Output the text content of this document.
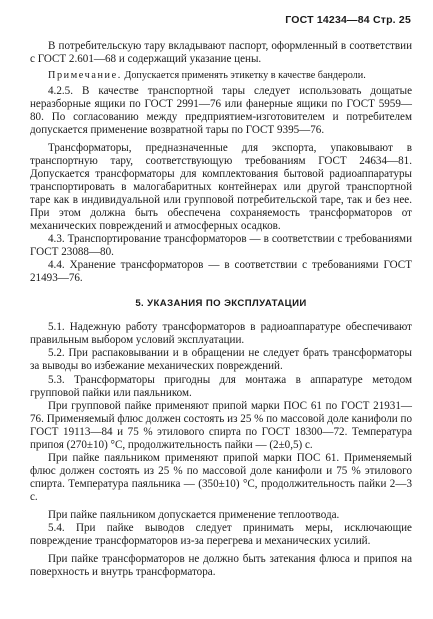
ГОСТ 14234—84 Стр. 25

В потребительскую тару вкладывают паспорт, оформленный в соответствии с ГОСТ 2.601—68 и содержащий указание цены.

Примечание. Допускается применять этикетку в качестве бандероли.

4.2.5. В качестве транспортной тары следует использовать дощатые неразборные ящики по ГОСТ 2991—76 или фанерные ящики по ГОСТ 5959—80. По согласованию между предприятием-изготовителем и потребителем допускается применение возвратной тары по ГОСТ 9395—76.

Трансформаторы, предназначенные для экспорта, упаковывают в транспортную тару, соответствующую требованиям ГОСТ 24634—81. Допускается трансформаторы для комплектования бытовой радиоаппаратуры транспортировать в малогабаритных контейнерах или другой транспортной таре как в индивидуальной или групповой потребительской таре, так и без нее. При этом должна быть обеспечена сохраняемость трансформаторов от механических повреждений и атмосферных осадков.

4.3. Транспортирование трансформаторов — в соответствии с требованиями ГОСТ 23088—80.

4.4. Хранение трансформаторов — в соответствии с требованиями ГОСТ 21493—76.

5. УКАЗАНИЯ ПО ЭКСПЛУАТАЦИИ

5.1. Надежную работу трансформаторов в радиоаппаратуре обеспечивают правильным выбором условий эксплуатации.

5.2. При распаковывании и в обращении не следует брать трансформаторы за выводы во избежание механических повреждений.

5.3. Трансформаторы пригодны для монтажа в аппаратуре методом групповой пайки или паяльником.

При групповой пайке применяют припой марки ПОС 61 по ГОСТ 21931—76. Применяемый флюс должен состоять из 25 % по массовой доле канифоли по ГОСТ 19113—84 и 75 % этилового спирта по ГОСТ 18300—72. Температура припоя (270±10) °С, продолжительность пайки — (2±0,5) с.

При пайке паяльником применяют припой марки ПОС 61. Применяемый флюс должен состоять из 25 % по массовой доле канифоли и 75 % этилового спирта. Температура паяльника — (350±10) °С, продолжительность пайки 2—3 с.

При пайке паяльником допускается применение теплоотвода.

5.4. При пайке выводов следует принимать меры, исключающие повреждение трансформаторов из-за перегрева и механических усилий.

При пайке трансформаторов не должно быть затекания флюса и припоя на поверхность и внутрь трансформатора.
